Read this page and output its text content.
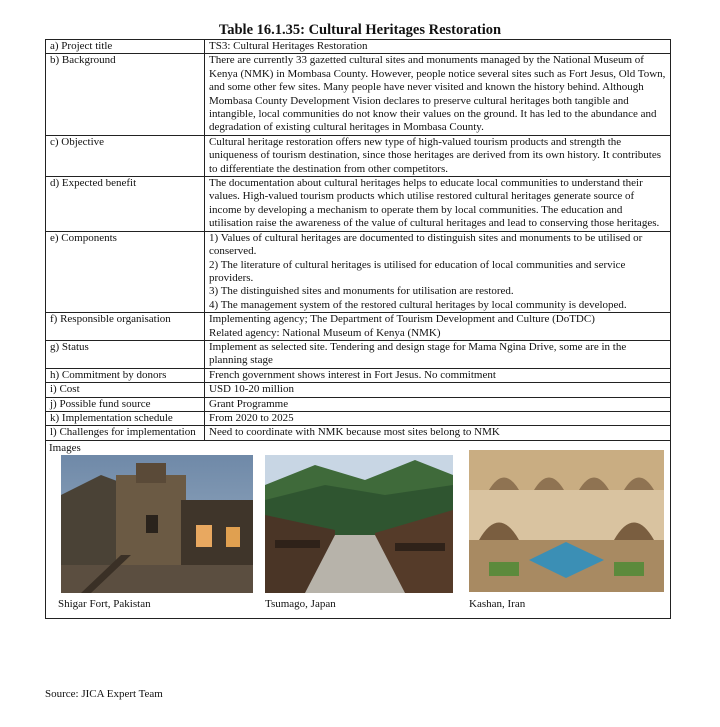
Table 16.1.35: Cultural Heritages Restoration
a) Project title	TS3: Cultural Heritages Restoration
b) Background	There are currently 33 gazetted cultural sites and monuments managed by the National Museum of Kenya (NMK) in Mombasa County. However, people notice several sites such as Fort Jesus, Old Town, and some other few sites. Many people have never visited and known the history behind. Although Mombasa County Development Vision declares to preserve cultural heritages both tangible and intangible, local communities do not know their values on the ground. It has led to the abundance and degradation of existing cultural heritages in Mombasa County.
c) Objective	Cultural heritage restoration offers new type of high-valued tourism products and strength the uniqueness of tourism destination, since those heritages are derived from its own history. It contributes to differentiate the destination from other competitors.
d) Expected benefit	The documentation about cultural heritages helps to educate local communities to understand their values. High-valued tourism products which utilise restored cultural heritages generate source of income by developing a mechanism to operate them by local communities. The education and utilisation raise the awareness of the value of cultural heritages and lead to conserving those heritages.
e) Components	1) Values of cultural heritages are documented to distinguish sites and monuments to be utilised or conserved.
2) The literature of cultural heritages is utilised for education of local communities and service providers.
3) The distinguished sites and monuments for utilisation are restored.
4) The management system of the restored cultural heritages by local community is developed.

f) Responsible organisation	Implementing agency; The Department of Tourism Development and Culture (DoTDC)
Related agency: National Museum of Kenya (NMK)

g) Status	Implement as selected site. Tendering and design stage for Mama Ngina Drive, some are in the planning stage
h) Commitment by donors	French government shows interest in Fort Jesus. No commitment
i) Cost	USD 10-20 million
j) Possible fund source	Grant Programme
k) Implementation schedule	From 2020 to 2025
l) Challenges for implementation	Need to coordinate with NMK because most sites belong to NMK

Images
Shigar Fort, Pakistan Tsumago, Japan Kashan, Iran	
Source: JICA Expert Team
